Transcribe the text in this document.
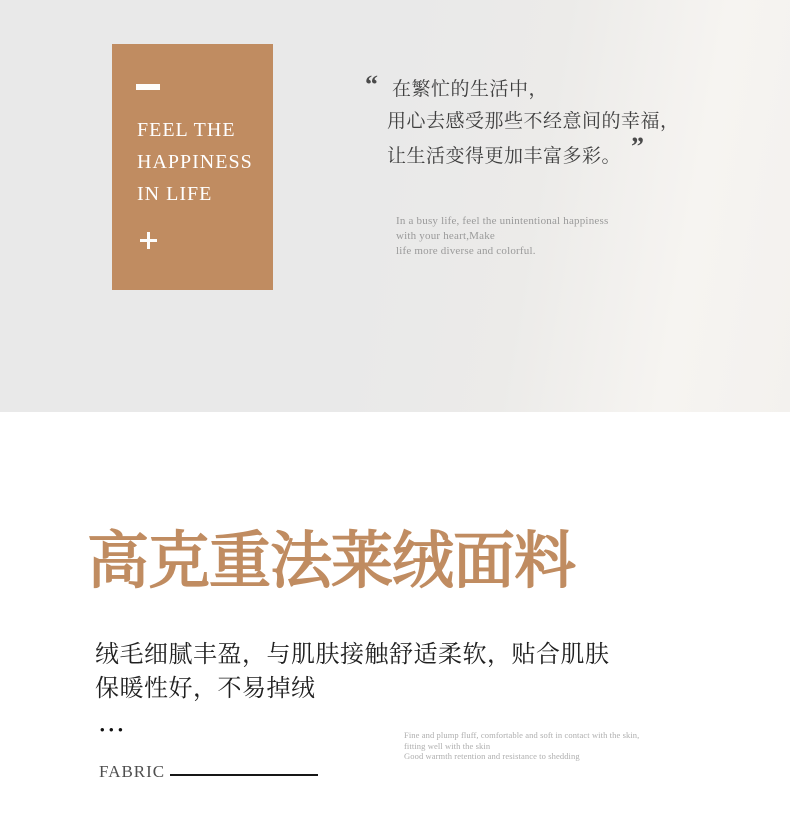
FEEL THE
HAPPINESS
IN LIFE
“ 在繁忙的生活中，
用心去感受那些不经意间的幸福，
让生活变得更加丰富多彩。 ”
In a busy life, feel the unintentional happiness
with your heart,Make
life more diverse and colorful.
高克重法莱绒面料
绒毛细腻丰盈，与肌肤接触舒适柔软，贴合肌肤
保暖性好，不易掉绒
•••
FABRIC
Fine and plump fluff, comfortable and soft in contact with the skin,
fitting well with the skin
Good warmth retention and resistance to shedding
